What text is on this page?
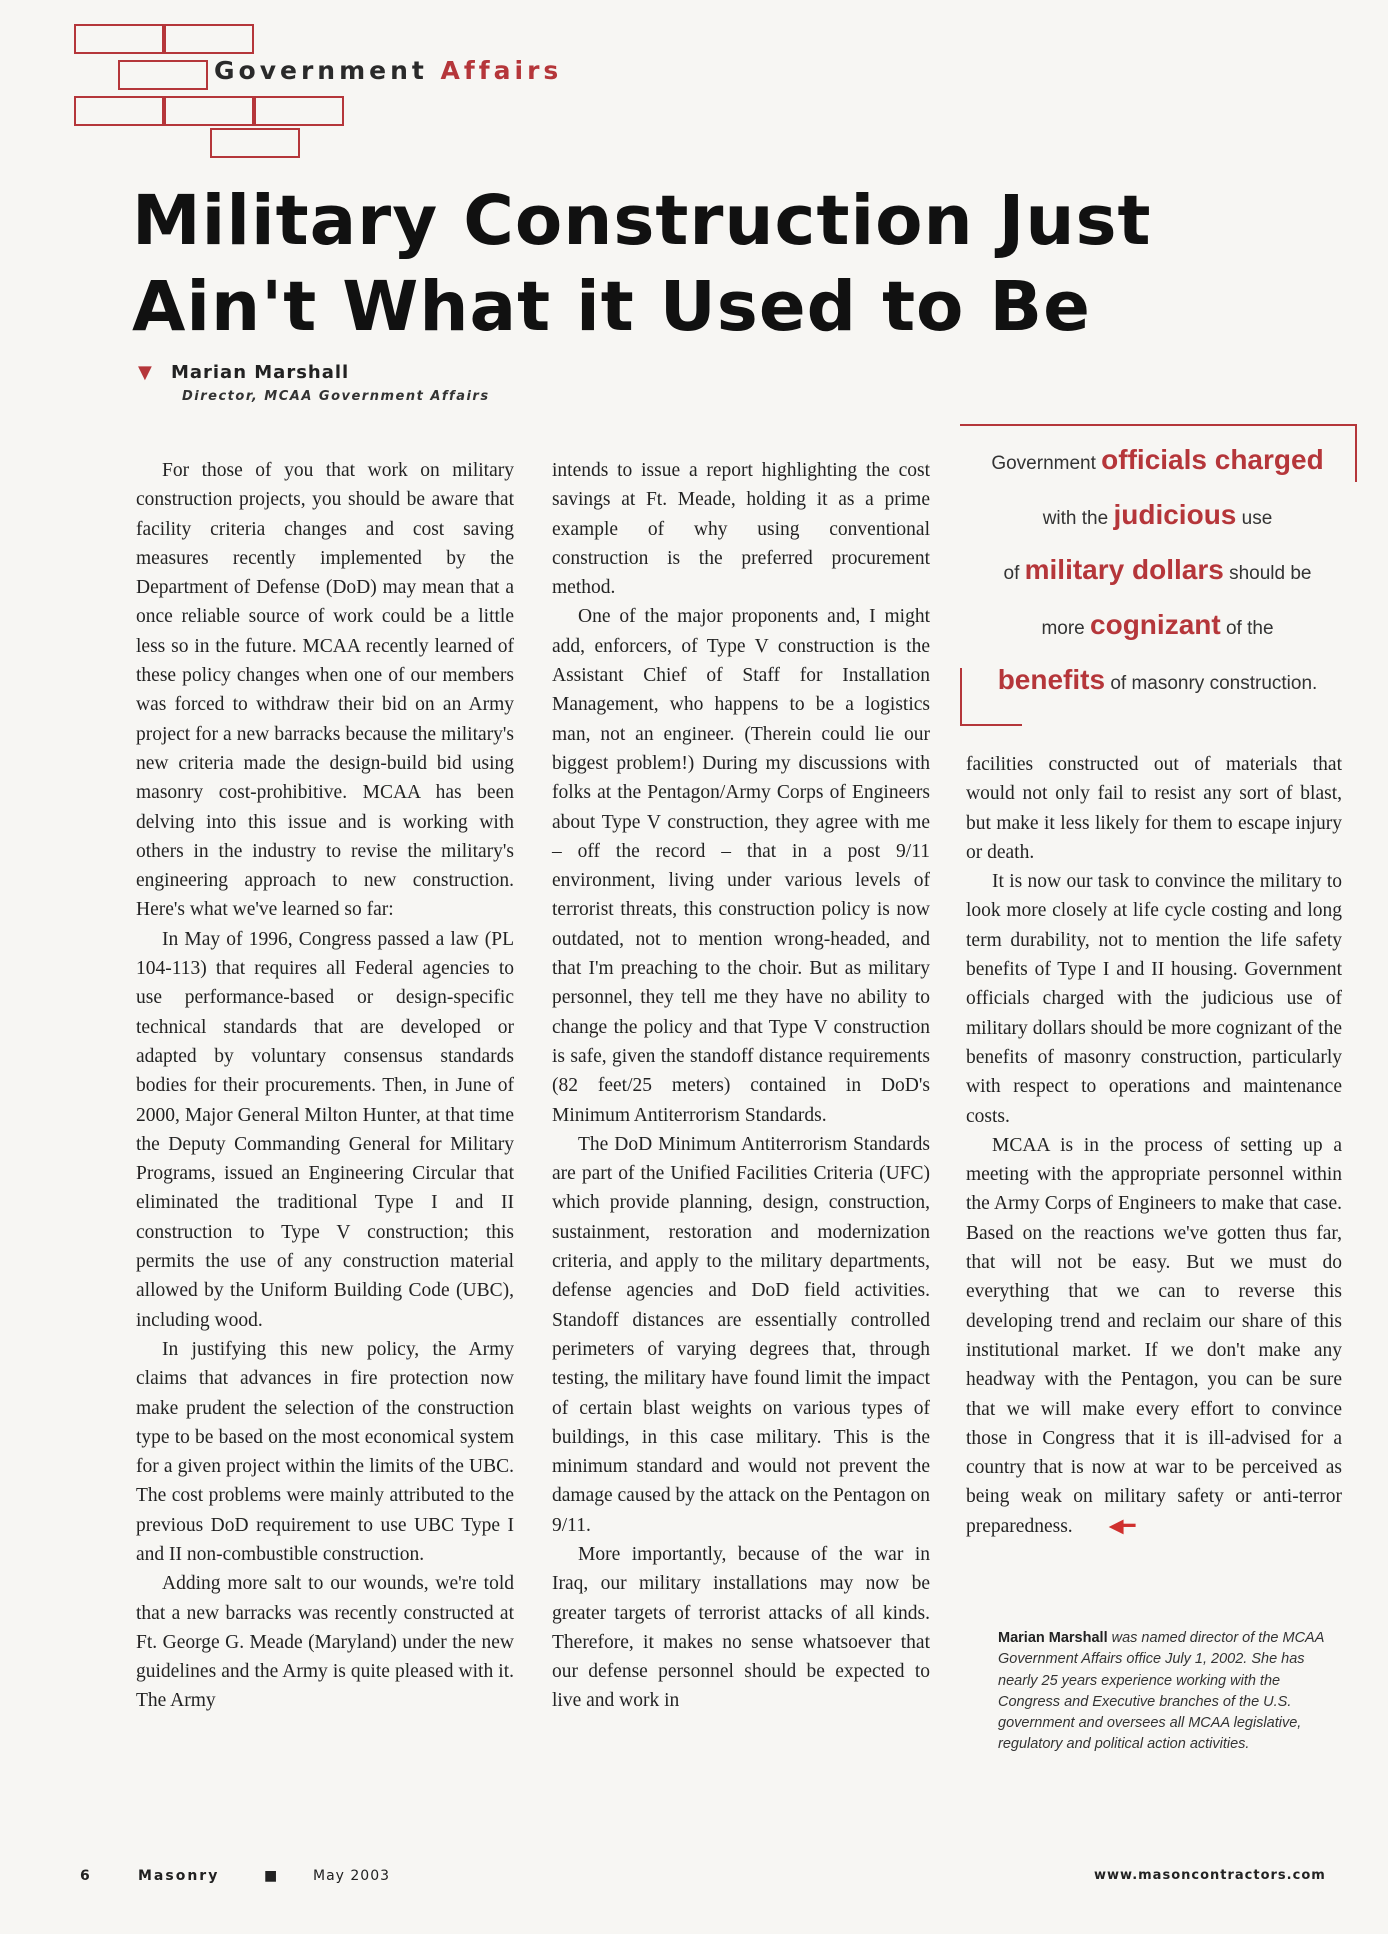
Government Affairs
Military Construction Just
Ain't What it Used to Be
▼ Marian Marshall
Director, MCAA Government Affairs

For those of you that work on military construction projects, you should be aware that facility criteria changes and cost saving measures recently implemented by the Department of Defense (DoD) may mean that a once reliable source of work could be a little less so in the future. MCAA recently learned of these policy changes when one of our members was forced to withdraw their bid on an Army project for a new barracks because the military's new criteria made the design-build bid using masonry cost-prohibitive. MCAA has been delving into this issue and is working with others in the industry to revise the military's engineering approach to new construction. Here's what we've learned so far:

In May of 1996, Congress passed a law (PL 104-113) that requires all Federal agencies to use performance-based or design-specific technical standards that are developed or adapted by voluntary consensus standards bodies for their procurements. Then, in June of 2000, Major General Milton Hunter, at that time the Deputy Commanding General for Military Programs, issued an Engineering Circular that eliminated the traditional Type I and II construction to Type V construction; this permits the use of any construction material allowed by the Uniform Building Code (UBC), including wood.

In justifying this new policy, the Army claims that advances in fire protection now make prudent the selection of the construction type to be based on the most economical system for a given project within the limits of the UBC. The cost problems were mainly attributed to the previous DoD requirement to use UBC Type I and II non-combustible construction.

Adding more salt to our wounds, we're told that a new barracks was recently constructed at Ft. George G. Meade (Maryland) under the new guidelines and the Army is quite pleased with it. The Army

intends to issue a report highlighting the cost savings at Ft. Meade, holding it as a prime example of why using conventional construction is the preferred procurement method.

One of the major proponents and, I might add, enforcers, of Type V construction is the Assistant Chief of Staff for Installation Management, who happens to be a logistics man, not an engineer. (Therein could lie our biggest problem!) During my discussions with folks at the Pentagon/Army Corps of Engineers about Type V construction, they agree with me – off the record – that in a post 9/11 environment, living under various levels of terrorist threats, this construction policy is now outdated, not to mention wrong-headed, and that I'm preaching to the choir. But as military personnel, they tell me they have no ability to change the policy and that Type V construction is safe, given the standoff distance requirements (82 feet/25 meters) contained in DoD's Minimum Antiterrorism Standards.

The DoD Minimum Antiterrorism Standards are part of the Unified Facilities Criteria (UFC) which provide planning, design, construction, sustainment, restoration and modernization criteria, and apply to the military departments, defense agencies and DoD field activities. Standoff distances are essentially controlled perimeters of varying degrees that, through testing, the military have found limit the impact of certain blast weights on various types of buildings, in this case military. This is the minimum standard and would not prevent the damage caused by the attack on the Pentagon on 9/11.

More importantly, because of the war in Iraq, our military installations may now be greater targets of terrorist attacks of all kinds. Therefore, it makes no sense whatsoever that our defense personnel should be expected to live and work in

Government officials charged
with the judicious use
of military dollars should be
more cognizant of the
benefits of masonry construction.

facilities constructed out of materials that would not only fail to resist any sort of blast, but make it less likely for them to escape injury or death.

It is now our task to convince the military to look more closely at life cycle costing and long term durability, not to mention the life safety benefits of Type I and II housing. Government officials charged with the judicious use of military dollars should be more cognizant of the benefits of masonry construction, particularly with respect to operations and maintenance costs.

MCAA is in the process of setting up a meeting with the appropriate personnel within the Army Corps of Engineers to make that case. Based on the reactions we've gotten thus far, that will not be easy. But we must do everything that we can to reverse this developing trend and reclaim our share of this institutional market. If we don't make any headway with the Pentagon, you can be sure that we will make every effort to convince those in Congress that it is ill-advised for a country that is now at war to be perceived as being weak on military safety or anti-terror preparedness. ◀━

Marian Marshall was named director of the MCAA Government Affairs office July 1, 2002. She has nearly 25 years experience working with the Congress and Executive branches of the U.S. government and oversees all MCAA legislative, regulatory and political action activities.
6	Masonry	■	May 2003	www.masoncontractors.com
